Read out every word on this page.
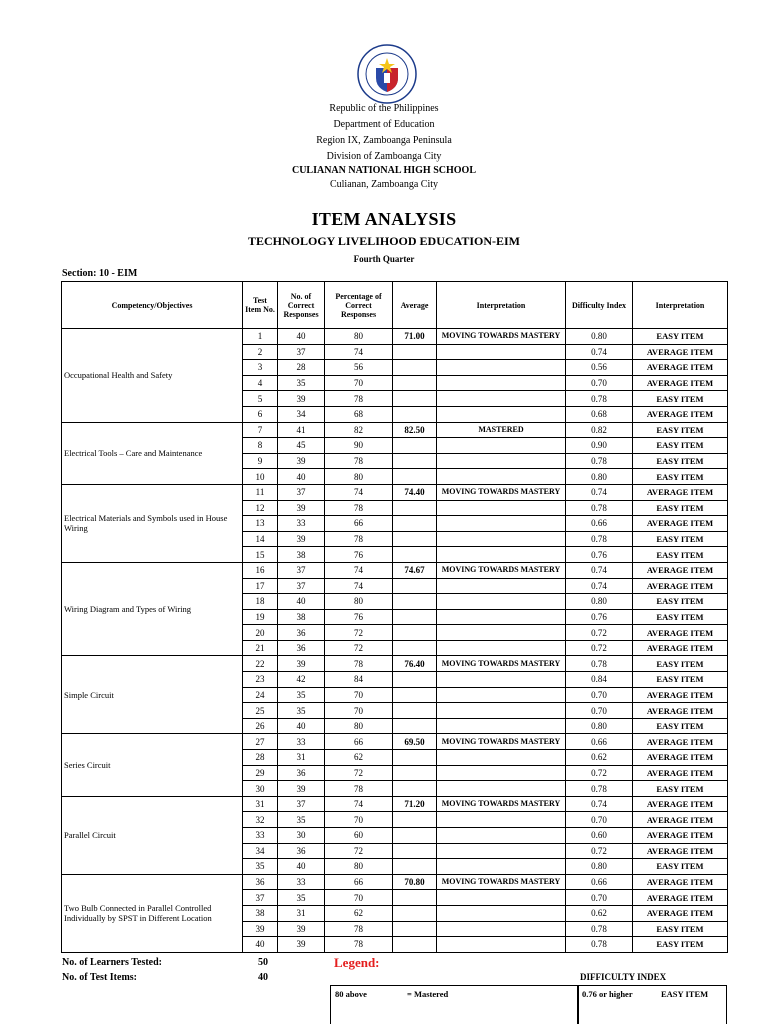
Republic of the Philippines
Department of Education
Region IX, Zamboanga Peninsula
Division of Zamboanga City
CULIANAN NATIONAL HIGH SCHOOL
Culianan, Zamboanga City
ITEM ANALYSIS
TECHNOLOGY LIVELIHOOD EDUCATION-EIM
Fourth Quarter
Section: 10 - EIM
Competency/Objectives	Test Item No.	No. of Correct Responses	Percentage of Correct Responses	Average	Interpretation	Difficulty Index	Interpretation
Occupational Health and Safety	1	40	80	71.00	MOVING TOWARDS MASTERY	0.80	EASY ITEM
	2	37	74			0.74	AVERAGE ITEM
	3	28	56			0.56	AVERAGE ITEM
	4	35	70			0.70	AVERAGE ITEM
	5	39	78			0.78	EASY ITEM
	6	34	68			0.68	AVERAGE ITEM
Electrical Tools – Care and Maintenance	7	41	82	82.50	MASTERED	0.82	EASY ITEM
	8	45	90			0.90	EASY ITEM
	9	39	78			0.78	EASY ITEM
	10	40	80			0.80	EASY ITEM
Electrical Materials and Symbols used in House Wiring	11	37	74	74.40	MOVING TOWARDS MASTERY	0.74	AVERAGE ITEM
	12	39	78			0.78	EASY ITEM
	13	33	66			0.66	AVERAGE ITEM
	14	39	78			0.78	EASY ITEM
	15	38	76			0.76	EASY ITEM
Wiring Diagram and Types of Wiring	16	37	74	74.67	MOVING TOWARDS MASTERY	0.74	AVERAGE ITEM
	17	37	74			0.74	AVERAGE ITEM
	18	40	80			0.80	EASY ITEM
	19	38	76			0.76	EASY ITEM
	20	36	72			0.72	AVERAGE ITEM
	21	36	72			0.72	AVERAGE ITEM
Simple Circuit	22	39	78	76.40	MOVING TOWARDS MASTERY	0.78	EASY ITEM
	23	42	84			0.84	EASY ITEM
	24	35	70			0.70	AVERAGE ITEM
	25	35	70			0.70	AVERAGE ITEM
	26	40	80			0.80	EASY ITEM
Series Circuit	27	33	66	69.50	MOVING TOWARDS MASTERY	0.66	AVERAGE ITEM
	28	31	62			0.62	AVERAGE ITEM
	29	36	72			0.72	AVERAGE ITEM
	30	39	78			0.78	EASY ITEM
Parallel Circuit	31	37	74	71.20	MOVING TOWARDS MASTERY	0.74	AVERAGE ITEM
	32	35	70			0.70	AVERAGE ITEM
	33	30	60			0.60	AVERAGE ITEM
	34	36	72			0.72	AVERAGE ITEM
	35	40	80			0.80	EASY ITEM
Two Bulb Connected in Parallel Controlled Individually by SPST in Different Location	36	33	66	70.80	MOVING TOWARDS MASTERY	0.66	AVERAGE ITEM
	37	35	70			0.70	AVERAGE ITEM
	38	31	62			0.62	AVERAGE ITEM
	39	39	78			0.78	EASY ITEM
	40	39	78			0.78	EASY ITEM
No. of Learners Tested:	50
No. of Test Items:	40
Legend:
DIFFICULTY INDEX
80 above	= Mastered	0.76 or higher	EASY ITEM
